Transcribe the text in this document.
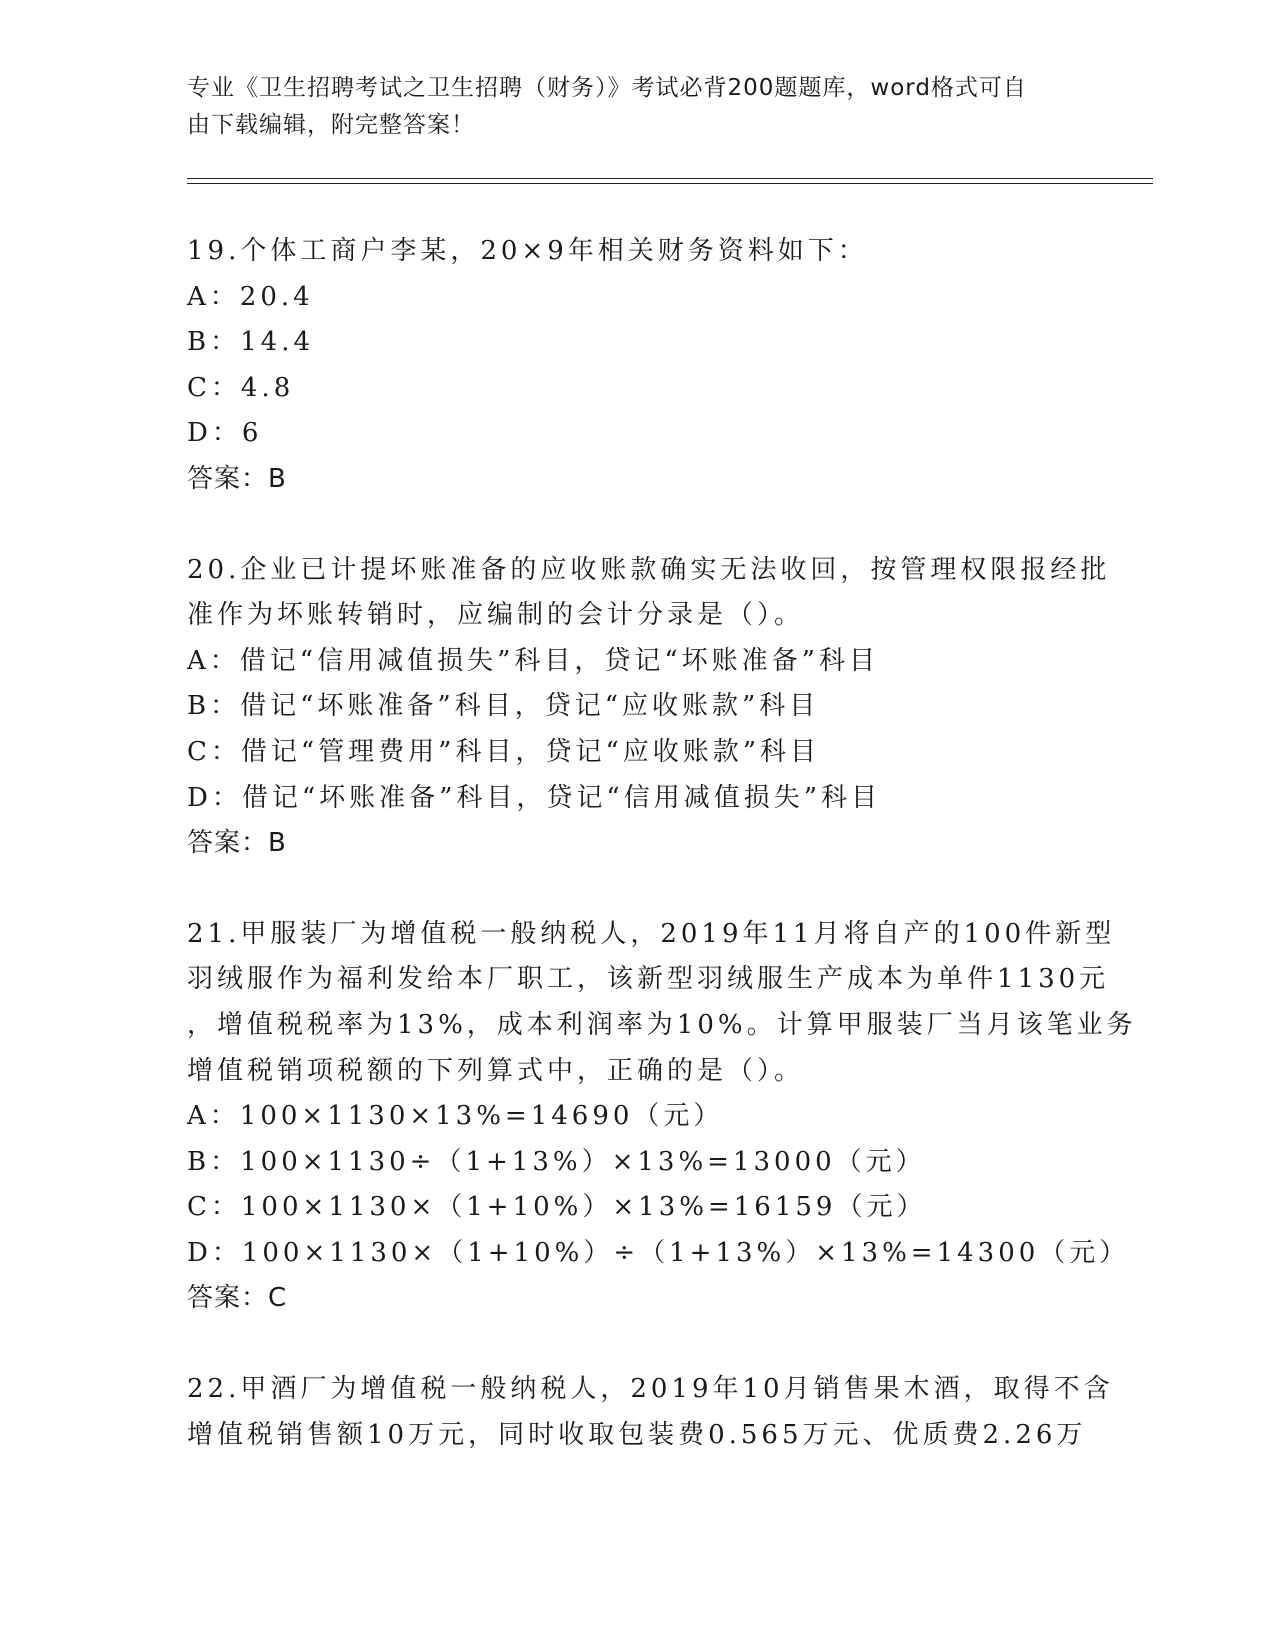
专业《卫生招聘考试之卫生招聘（财务）》考试必背200题题库，word格式可自
由下载编辑，附完整答案！
19.个体工商户李某，20×9年相关财务资料如下：
A：20.4
B：14.4
C：4.8
D：6
答案：B
20.企业已计提坏账准备的应收账款确实无法收回，按管理权限报经批
准作为坏账转销时，应编制的会计分录是（）。
A：借记“信用减值损失”科目，贷记“坏账准备”科目
B：借记“坏账准备”科目，贷记“应收账款”科目
C：借记“管理费用”科目，贷记“应收账款”科目
D：借记“坏账准备”科目，贷记“信用减值损失”科目
答案：B
21.甲服装厂为增值税一般纳税人，2019年11月将自产的100件新型
羽绒服作为福利发给本厂职工，该新型羽绒服生产成本为单件1130元
，增值税税率为13%，成本利润率为10%。计算甲服装厂当月该笔业务
增值税销项税额的下列算式中，正确的是（）。
A：100×1130×13%=14690（元）
B：100×1130÷（1+13%）×13%=13000（元）
C：100×1130×（1+10%）×13%=16159（元）
D：100×1130×（1+10%）÷（1+13%）×13%=14300（元）
答案：C
22.甲酒厂为增值税一般纳税人，2019年10月销售果木酒，取得不含
增值税销售额10万元，同时收取包装费0.565万元、优质费2.26万
